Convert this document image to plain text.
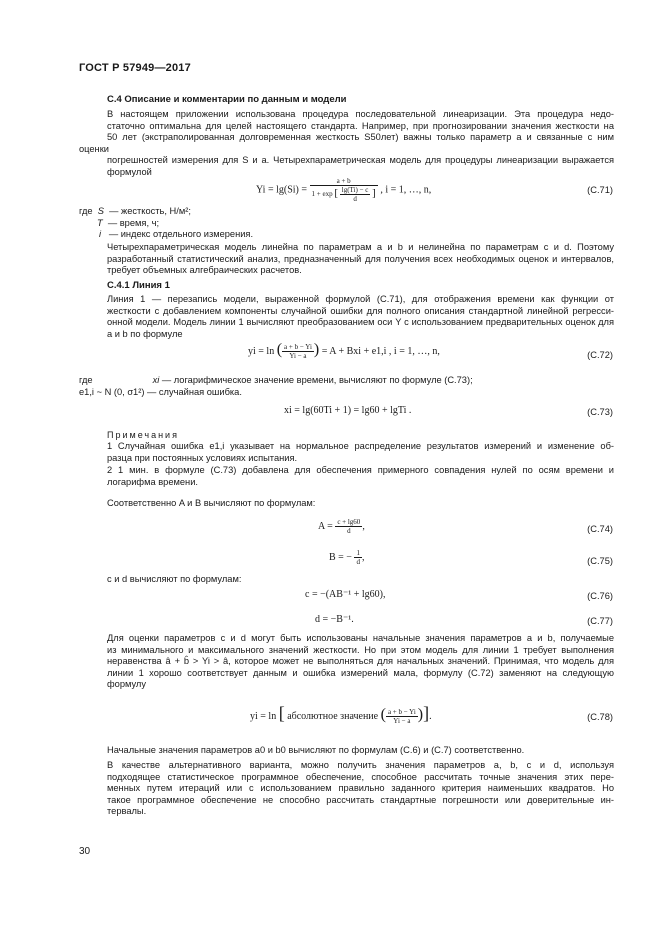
ГОСТ Р 57949—2017
С.4 Описание и комментарии по данным и модели
В настоящем приложении использована процедура последовательной линеаризации. Эта процедура недо-
статочно оптимальна для целей настоящего стандарта. Например, при прогнозировании значения жесткости на
50 лет (экстраполированная долговременная жесткость S50лет) важны только параметр a и связанные с ним оценки
погрешностей измерения для S и a. Четырехпараметрическая модель для процедуры линеаризации выражается
формулой
Yi = lg(Si) =
a + b
1 + exp [ $\frac{\lg(Ti) - c}{d}$ ] , i = 1, …, n,	(С.71)
где S — жесткость, Н/м²;
T — время, ч;
i — индекс отдельного измерения.
Четырехпараметрическая модель линейна по параметрам a и b и нелинейна по параметрам c и d. Поэтому
разработанный статистический анализ, предназначенный для получения всех необходимых оценок и интервалов,
требует объемных алгебраических расчетов.
С.4.1 Линия 1
Линия 1 — перезапись модели, выраженной формулой (С.71), для отображения времени как функции от
жесткости с добавлением компоненты случайной ошибки для полного описания стандартной линейной регресси-
онной модели. Модель линии 1 вычисляют преобразованием оси Y с использованием предварительных оценок для
a и b по формуле
yi = ln ( $\frac{a + b - Yi}{Yi - a}$ ) = A + Bxi + e1,i , i = 1, …, n,	(С.72)
где	xi — логарифмическое значение времени, вычисляют по формуле (С.73);
e1,i ~ N (0, σ1²) — случайная ошибка.
xi = lg(60Ti + 1) = lg60 + lgTi .	(С.73)
Примечания
1 Случайная ошибка e1,i указывает на нормальное распределение результатов измерений и изменение об-
разца при постоянных условиях испытания.
2 1 мин. в формуле (С.73) добавлена для обеспечения примерного совпадения нулей по осям времени и
логарифма времени.
Соответственно A и B вычисляют по формулам:
$A = \frac{c + \lg 60}{d}$ ,	(С.74)
B = − $\frac{1}{d}$ ,	(С.75)
c и d вычисляют по формулам:
c = −(AB⁻¹ + lg60),	(С.76)
d = −B⁻¹.	(С.77)
Для оценки параметров c и d могут быть использованы начальные значения параметров a и b, получаемые
из минимального и максимального значений жесткости. Но при этом модель для линии 1 требует выполнения
неравенства â + b̂ > Yi > â, которое может не выполняться для начальных значений. Принимая, что модель для
линии 1 хорошо соответствует данным и ошибка измерений мала, формулу (С.72) заменяют на следующую
формулу
yi = ln [ абсолютное значение ( $\frac{a + b - Yi}{Yi - a}$ )].	(С.78)
Начальные значения параметров a0 и b0 вычисляют по формулам (С.6) и (С.7) соответственно.
В качестве альтернативного варианта, можно получить значения параметров a, b, c и d, используя
подходящее статистическое программное обеспечение, способное рассчитать точные значения этих пере-
менных путем итераций или с использованием правильно заданного критерия наименьших квадратов. Но
такое программное обеспечение не способно рассчитать стандартные погрешности или доверительные ин-
тервалы.
30
